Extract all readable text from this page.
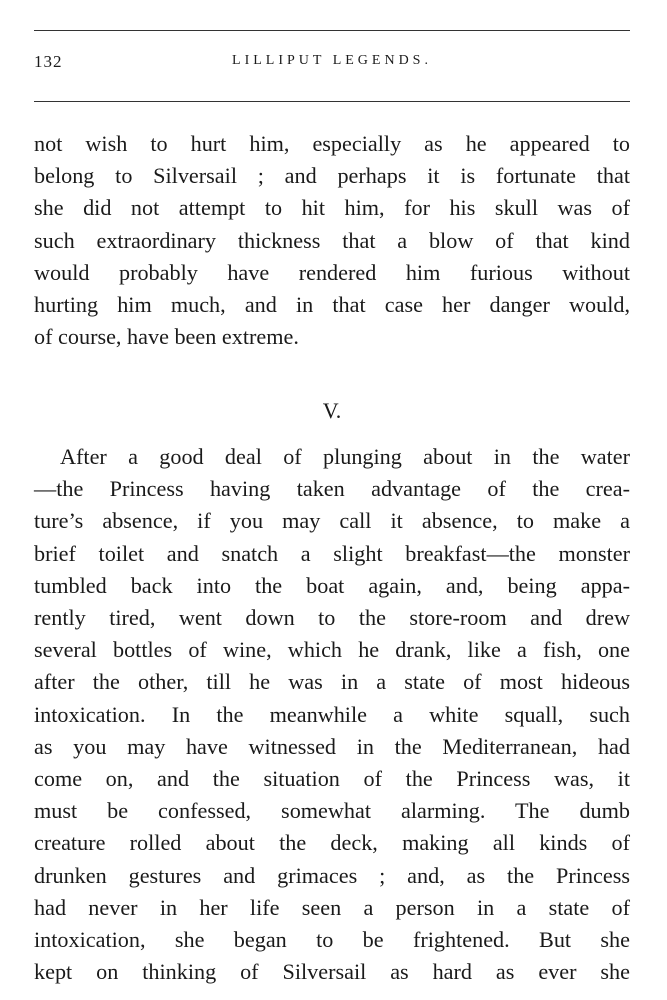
132	LILLIPUT LEGENDS.
not wish to hurt him, especially as he appeared to
belong to Silversail ; and perhaps it is fortunate that
she did not attempt to hit him, for his skull was of
such extraordinary thickness that a blow of that kind
would probably have rendered him furious without
hurting him much, and in that case her danger would,
of course, have been extreme.
V.
After a good deal of plunging about in the water
—the Princess having taken advantage of the crea-
ture’s absence, if you may call it absence, to make a
brief toilet and snatch a slight breakfast—the monster
tumbled back into the boat again, and, being appa-
rently tired, went down to the store-room and drew
several bottles of wine, which he drank, like a fish, one
after the other, till he was in a state of most hideous
intoxication. In the meanwhile a white squall, such
as you may have witnessed in the Mediterranean, had
come on, and the situation of the Princess was, it
must be confessed, somewhat alarming. The dumb
creature rolled about the deck, making all kinds of
drunken gestures and grimaces ; and, as the Princess
had never in her life seen a person in a state of
intoxication, she began to be frightened. But she
kept on thinking of Silversail as hard as ever she
